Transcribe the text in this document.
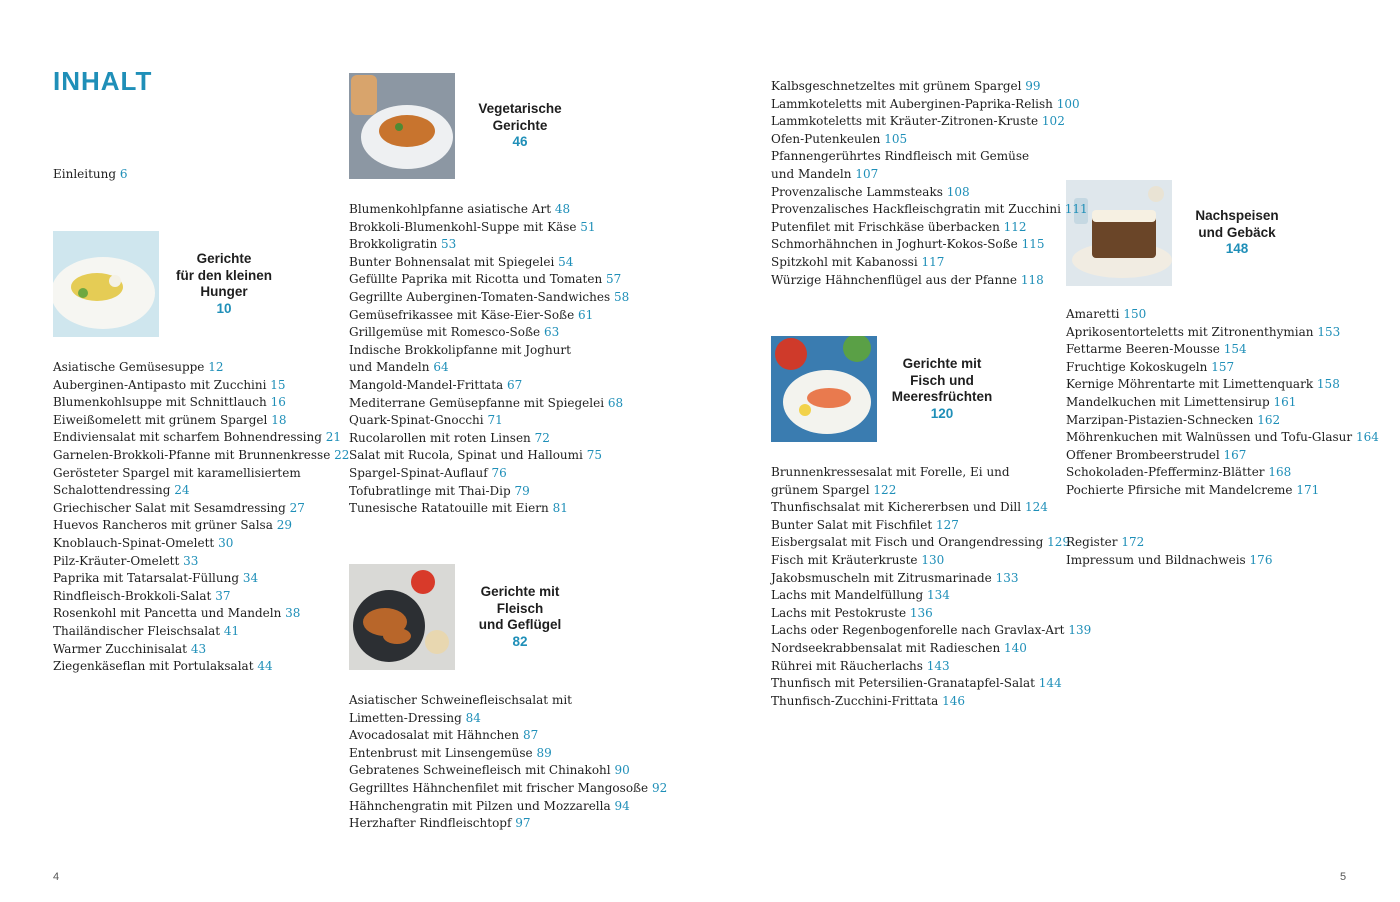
INHALT
Einleitung 6
Gerichte
für den kleinen
Hunger
10
Vegetarische
Gerichte
46
Gerichte mit
Fleisch
und Geflügel
82
Gerichte mit
Fisch und
Meeresfrüchten
120
Nachspeisen
und Gebäck
148
Asiatische Gemüsesuppe 12
Auberginen-Antipasto mit Zucchini 15
Blumenkohlsuppe mit Schnittlauch 16
Eiweißomelett mit grünem Spargel 18
Endiviensalat mit scharfem Bohnendressing 21
Garnelen-Brokkoli-Pfanne mit Brunnenkresse 22
Gerösteter Spargel mit karamellisiertem
Schalottendressing 24
Griechischer Salat mit Sesamdressing 27
Huevos Rancheros mit grüner Salsa 29
Knoblauch-Spinat-Omelett 30
Pilz-Kräuter-Omelett 33
Paprika mit Tatarsalat-Füllung 34
Rindfleisch-Brokkoli-Salat 37
Rosenkohl mit Pancetta und Mandeln 38
Thailändischer Fleischsalat 41
Warmer Zucchinisalat 43
Ziegenkäseflan mit Portulaksalat 44
Blumenkohlpfanne asiatische Art 48
Brokkoli-Blumenkohl-Suppe mit Käse 51
Brokkoligratin 53
Bunter Bohnensalat mit Spiegelei 54
Gefüllte Paprika mit Ricotta und Tomaten 57
Gegrillte Auberginen-Tomaten-Sandwiches 58
Gemüsefrikassee mit Käse-Eier-Soße 61
Grillgemüse mit Romesco-Soße 63
Indische Brokkolipfanne mit Joghurt
und Mandeln 64
Mangold-Mandel-Frittata 67
Mediterrane Gemüsepfanne mit Spiegelei 68
Quark-Spinat-Gnocchi 71
Rucolarollen mit roten Linsen 72
Salat mit Rucola, Spinat und Halloumi 75
Spargel-Spinat-Auflauf 76
Tofubratlinge mit Thai-Dip 79
Tunesische Ratatouille mit Eiern 81
Asiatischer Schweinefleischsalat mit
Limetten-Dressing 84
Avocadosalat mit Hähnchen 87
Entenbrust mit Linsengemüse 89
Gebratenes Schweinefleisch mit Chinakohl 90
Gegrilltes Hähnchenfilet mit frischer Mangosoße 92
Hähnchengratin mit Pilzen und Mozzarella 94
Herzhafter Rindfleischtopf 97
Kalbsgeschnetzeltes mit grünem Spargel 99
Lammkoteletts mit Auberginen-Paprika-Relish 100
Lammkoteletts mit Kräuter-Zitronen-Kruste 102
Ofen-Putenkeulen 105
Pfannengerührtes Rindfleisch mit Gemüse
und Mandeln 107
Provenzalische Lammsteaks 108
Provenzalisches Hackfleischgratin mit Zucchini 111
Putenfilet mit Frischkäse überbacken 112
Schmorhähnchen in Joghurt-Kokos-Soße 115
Spitzkohl mit Kabanossi 117
Würzige Hähnchenflügel aus der Pfanne 118
Brunnenkressesalat mit Forelle, Ei und
grünem Spargel 122
Thunfischsalat mit Kichererbsen und Dill 124
Bunter Salat mit Fischfilet 127
Eisbergsalat mit Fisch und Orangendressing 129
Fisch mit Kräuterkruste 130
Jakobsmuscheln mit Zitrusmarinade 133
Lachs mit Mandelfüllung 134
Lachs mit Pestokruste 136
Lachs oder Regenbogenforelle nach Gravlax-Art 139
Nordseekrabbensalat mit Radieschen 140
Rührei mit Räucherlachs 143
Thunfisch mit Petersilien-Granatapfel-Salat 144
Thunfisch-Zucchini-Frittata 146
Amaretti 150
Aprikosentorteletts mit Zitronenthymian 153
Fettarme Beeren-Mousse 154
Fruchtige Kokoskugeln 157
Kernige Möhrentarte mit Limettenquark 158
Mandelkuchen mit Limettensirup 161
Marzipan-Pistazien-Schnecken 162
Möhrenkuchen mit Walnüssen und Tofu-Glasur 164
Offener Brombeerstrudel 167
Schokoladen-Pfefferminz-Blätter 168
Pochierte Pfirsiche mit Mandelcreme 171
Register 172
Impressum und Bildnachweis 176
4	5
